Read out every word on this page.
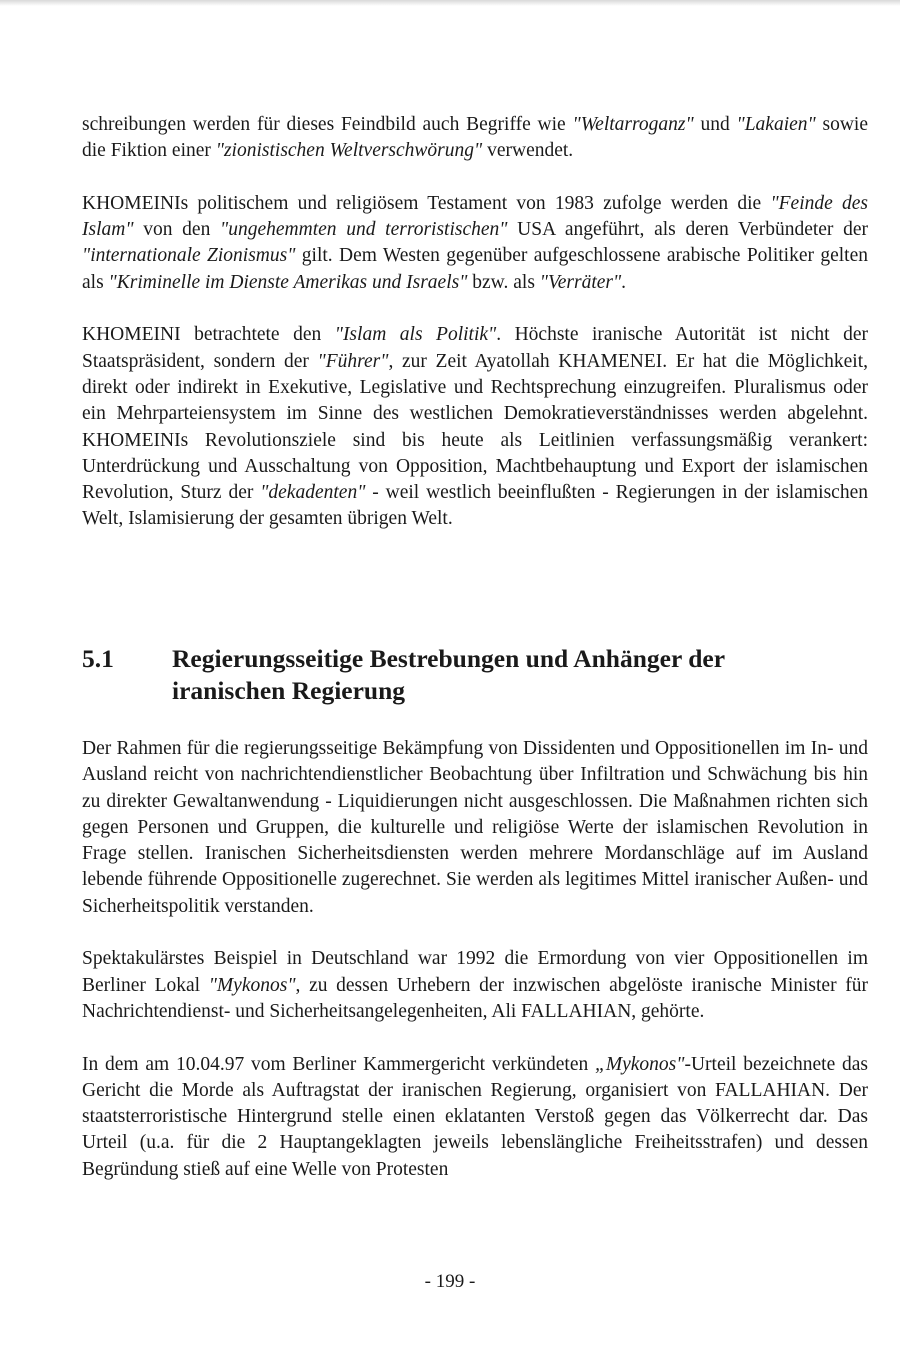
schreibungen werden für dieses Feindbild auch Begriffe wie "Weltarroganz" und "Lakaien" sowie die Fiktion einer "zionistischen Weltverschwörung" verwendet.

KHOMEINIs politischem und religiösem Testament von 1983 zufolge werden die "Feinde des Islam" von den "ungehemmten und terroristischen" USA angeführt, als deren Verbündeter der "internationale Zionismus" gilt. Dem Westen gegenüber aufgeschlossene arabische Politiker gelten als "Kriminelle im Dienste Amerikas und Israels" bzw. als "Verräter".

KHOMEINI betrachtete den "Islam als Politik". Höchste iranische Autorität ist nicht der Staatspräsident, sondern der "Führer", zur Zeit Ayatollah KHAMENEI. Er hat die Möglichkeit, direkt oder indirekt in Exekutive, Legislative und Rechtsprechung einzugreifen. Pluralismus oder ein Mehrparteiensystem im Sinne des westlichen Demokratieverständnisses werden abgelehnt. KHOMEINIs Revolutionsziele sind bis heute als Leitlinien verfassungsmäßig verankert: Unterdrückung und Ausschaltung von Opposition, Machtbehauptung und Export der islamischen Revolution, Sturz der "dekadenten" - weil westlich beeinflußten - Regierungen in der islamischen Welt, Islamisierung der gesamten übrigen Welt.

5.1	Regierungsseitige Bestrebungen und Anhänger der iranischen Regierung

Der Rahmen für die regierungsseitige Bekämpfung von Dissidenten und Oppositionellen im In- und Ausland reicht von nachrichtendienstlicher Beobachtung über Infiltration und Schwächung bis hin zu direkter Gewaltanwendung - Liquidierungen nicht ausgeschlossen. Die Maßnahmen richten sich gegen Personen und Gruppen, die kulturelle und religiöse Werte der islamischen Revolution in Frage stellen. Iranischen Sicherheitsdiensten werden mehrere Mordanschläge auf im Ausland lebende führende Oppositionelle zugerechnet. Sie werden als legitimes Mittel iranischer Außen- und Sicherheitspolitik verstanden.

Spektakulärstes Beispiel in Deutschland war 1992 die Ermordung von vier Oppositionellen im Berliner Lokal "Mykonos", zu dessen Urhebern der inzwischen abgelöste iranische Minister für Nachrichtendienst- und Sicherheitsangelegenheiten, Ali FALLAHIAN, gehörte.

In dem am 10.04.97 vom Berliner Kammergericht verkündeten „Mykonos"-Urteil bezeichnete das Gericht die Morde als Auftragstat der iranischen Regierung, organisiert von FALLAHIAN. Der staatsterroristische Hintergrund stelle einen eklatanten Verstoß gegen das Völkerrecht dar. Das Urteil (u.a. für die 2 Hauptangeklagten jeweils lebenslängliche Freiheitsstrafen) und dessen Begründung stieß auf eine Welle von Protesten

- 199 -
